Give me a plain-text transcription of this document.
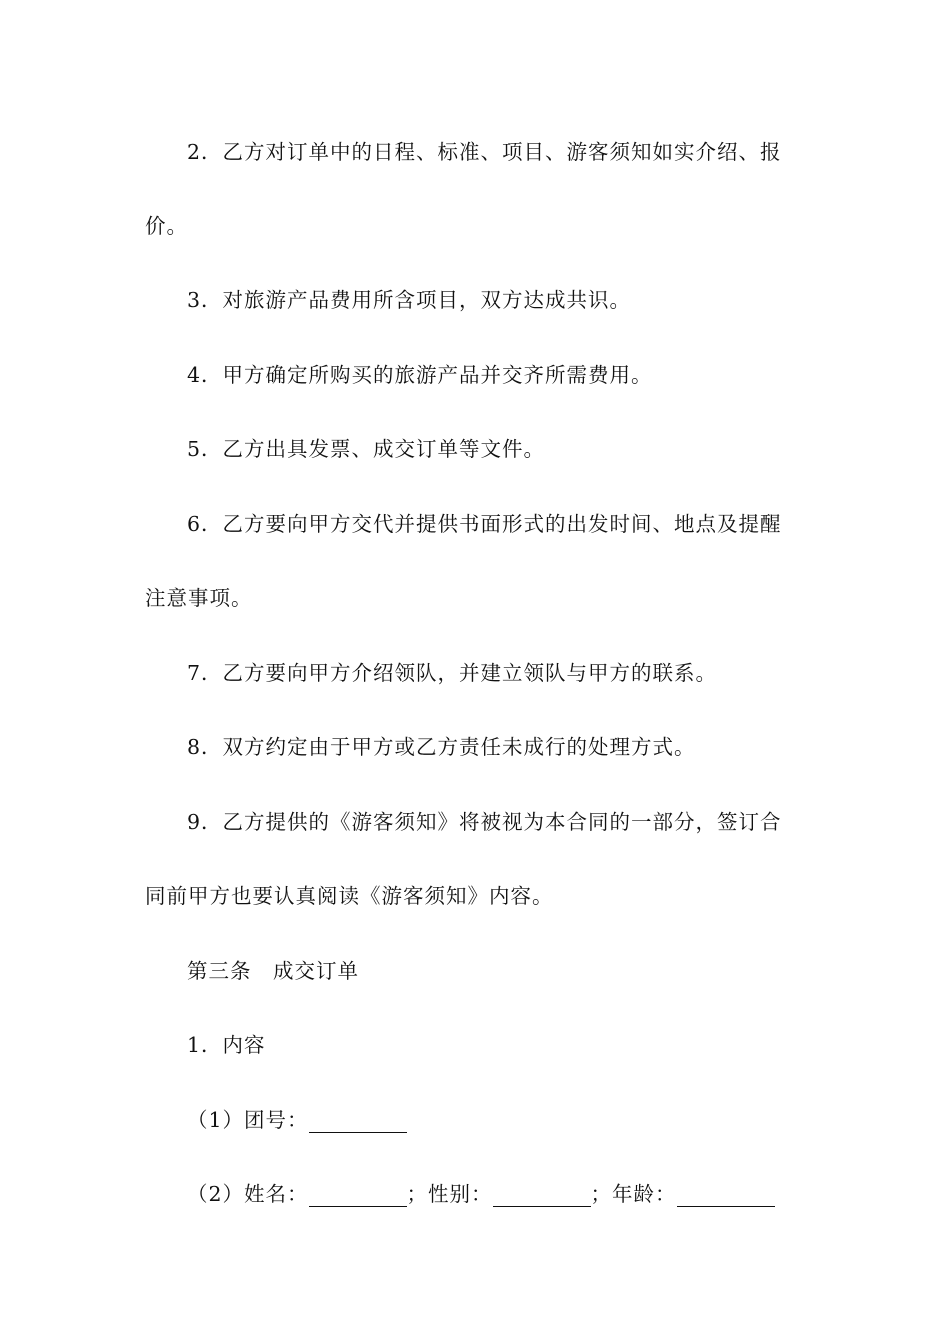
2．乙方对订单中的日程、标准、项目、游客须知如实介绍、报
价。
3．对旅游产品费用所含项目，双方达成共识。
4．甲方确定所购买的旅游产品并交齐所需费用。
5．乙方出具发票、成交订单等文件。
6．乙方要向甲方交代并提供书面形式的出发时间、地点及提醒
注意事项。
7．乙方要向甲方介绍领队，并建立领队与甲方的联系。
8．双方约定由于甲方或乙方责任未成行的处理方式。
9．乙方提供的《游客须知》将被视为本合同的一部分，签订合
同前甲方也要认真阅读《游客须知》内容。
第三条　成交订单
1．内容
（1）团号：
（2）姓名：	；性别：	；年龄：
